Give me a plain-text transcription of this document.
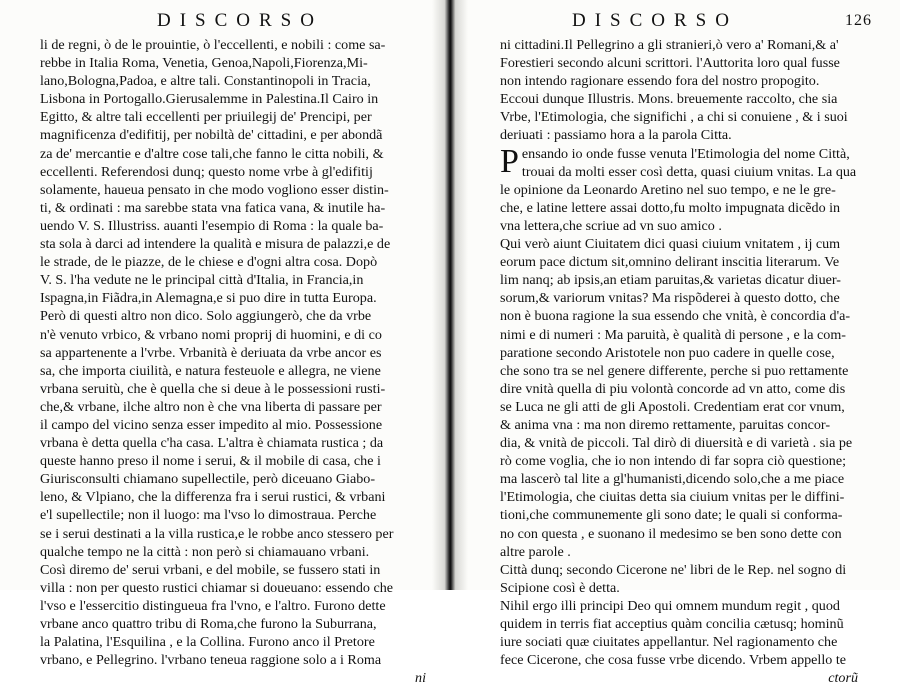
DISCORSO
li de regni, ò de le prouintie, ò l'eccellenti, e nobili : come sa-
rebbe in Italia Roma, Venetia, Genoa,Napoli,Fiorenza,Mi-
lano,Bologna,Padoa, e altre tali. Constantinopoli in Tracia,
Lisbona in Portogallo.Gierusalemme in Palestina.Il Cairo in
Egitto, & altre tali eccellenti per priuilegij de' Prencipi, per
magnificenza d'edifitij, per nobiltà de' cittadini, e per abondã
za de' mercantie e d'altre cose tali,che fanno le citta nobili, &
eccellenti. Referendosi dunq; questo nome vrbe à gl'edifitij
solamente, haueua pensato in che modo vogliono esser distin-
ti, & ordinati : ma sarebbe stata vna fatica vana, & inutile ha-
uendo V. S. Illustriss. auanti l'esempio di Roma : la quale ba-
sta sola à darci ad intendere la qualità e misura de palazzi,e de
le strade, de le piazze, de le chiese e d'ogni altra cosa. Dopò
V. S. l'ha vedute ne le principal città d'Italia, in Francia,in
Ispagna,in Fiãdra,in Alemagna,e si puo dire in tutta Europa.
Però di questi altro non dico. Solo aggiungerò, che da vrbe
n'è venuto vrbico, & vrbano nomi proprij di huomini, e di co
sa appartenente a l'vrbe. Vrbanità è deriuata da vrbe ancor es
sa, che importa ciuilità, e natura festeuole e allegra, ne viene
vrbana seruitù, che è quella che si deue à le possessioni rusti-
che,& vrbane, ilche altro non è che vna liberta di passare per
il campo del vicino senza esser impedito al mio. Possessione
vrbana è detta quella c'ha casa. L'altra è chiamata rustica ; da
queste hanno preso il nome i serui, & il mobile di casa, che i
Giurisconsulti chiamano supellectile, però diceuano Giabo-
leno, & Vlpiano, che la differenza fra i serui rustici, & vrbani
e'l supellectile; non il luogo: ma l'vso lo dimostraua. Perche
se i serui destinati a la villa rustica,e le robbe anco stessero per
qualche tempo ne la città : non però si chiamauano vrbani.
Così diremo de' serui vrbani, e del mobile, se fussero stati in
villa : non per questo rustici chiamar si doueuano: essendo che
l'vso e l'essercitio distingueua fra l'vno, e l'altro. Furono dette
vrbane anco quattro tribu di Roma,che furono la Suburrana,
la Palatina, l'Esquilina , e la Collina. Furono anco il Pretore
vrbano, e Pellegrino. l'vrbano teneua raggione solo a i Roma
ni
DISCORSO	126
ni cittadini.Il Pellegrino a gli stranieri,ò vero a' Romani,& a'
Forestieri secondo alcuni scrittori. l'Auttorita loro qual fusse
non intendo ragionare essendo fora del nostro propogito.
Eccoui dunque Illustris. Mons. breuemente raccolto, che sia
Vrbe, l'Etimologia, che significhi , a chi si conuiene , & i suoi
deriuati : passiamo hora a la parola Citta.
P ensando io onde fusse venuta l'Etimologia del nome Città,
trouai da molti esser così detta, quasi ciuium vnitas. La qua
le opinione da Leonardo Aretino nel suo tempo, e ne le gre-
che, e latine lettere assai dotto,fu molto impugnata dicẽdo in
vna lettera,che scriue ad vn suo amico .
Qui verò aiunt Ciuitatem dici quasi ciuium vnitatem , ij cum
eorum pace dictum sit,omnino delirant inscitia literarum. Ve
lim nanq; ab ipsis,an etiam paruitas,& varietas dicatur diuer-
sorum,& variorum vnitas? Ma rispõderei à questo dotto, che
non è buona ragione la sua essendo che vnità, è concordia d'a-
nimi e di numeri : Ma paruità, è qualità di persone , e la com-
paratione secondo Aristotele non puo cadere in quelle cose,
che sono tra se nel genere differente, perche si puo rettamente
dire vnità quella di piu volontà concorde ad vn atto, come dis
se Luca ne gli atti de gli Apostoli. Credentiam erat cor vnum,
& anima vna : ma non diremo rettamente, paruitas concor-
dia, & vnità de piccoli. Tal dirò di diuersità e di varietà . sia pe
rò come voglia, che io non intendo di far sopra ciò questione;
ma lascerò tal lite a gl'humanisti,dicendo solo,che a me piace
l'Etimologia, che ciuitas detta sia ciuium vnitas per le diffini-
tioni,che communemente gli sono date; le quali si conforma-
no con questa , e suonano il medesimo se ben sono dette con
altre parole .
Città dunq; secondo Cicerone ne' libri de le Rep. nel sogno di
Scipione così è detta.
Nihil ergo illi principi Deo qui omnem mundum regit , quod
quidem in terris fiat acceptius quàm concilia cætusq; hominũ
iure sociati quæ ciuitates appellantur. Nel ragionamento che
fece Cicerone, che cosa fusse vrbe dicendo. Vrbem appello te
ctorũ
